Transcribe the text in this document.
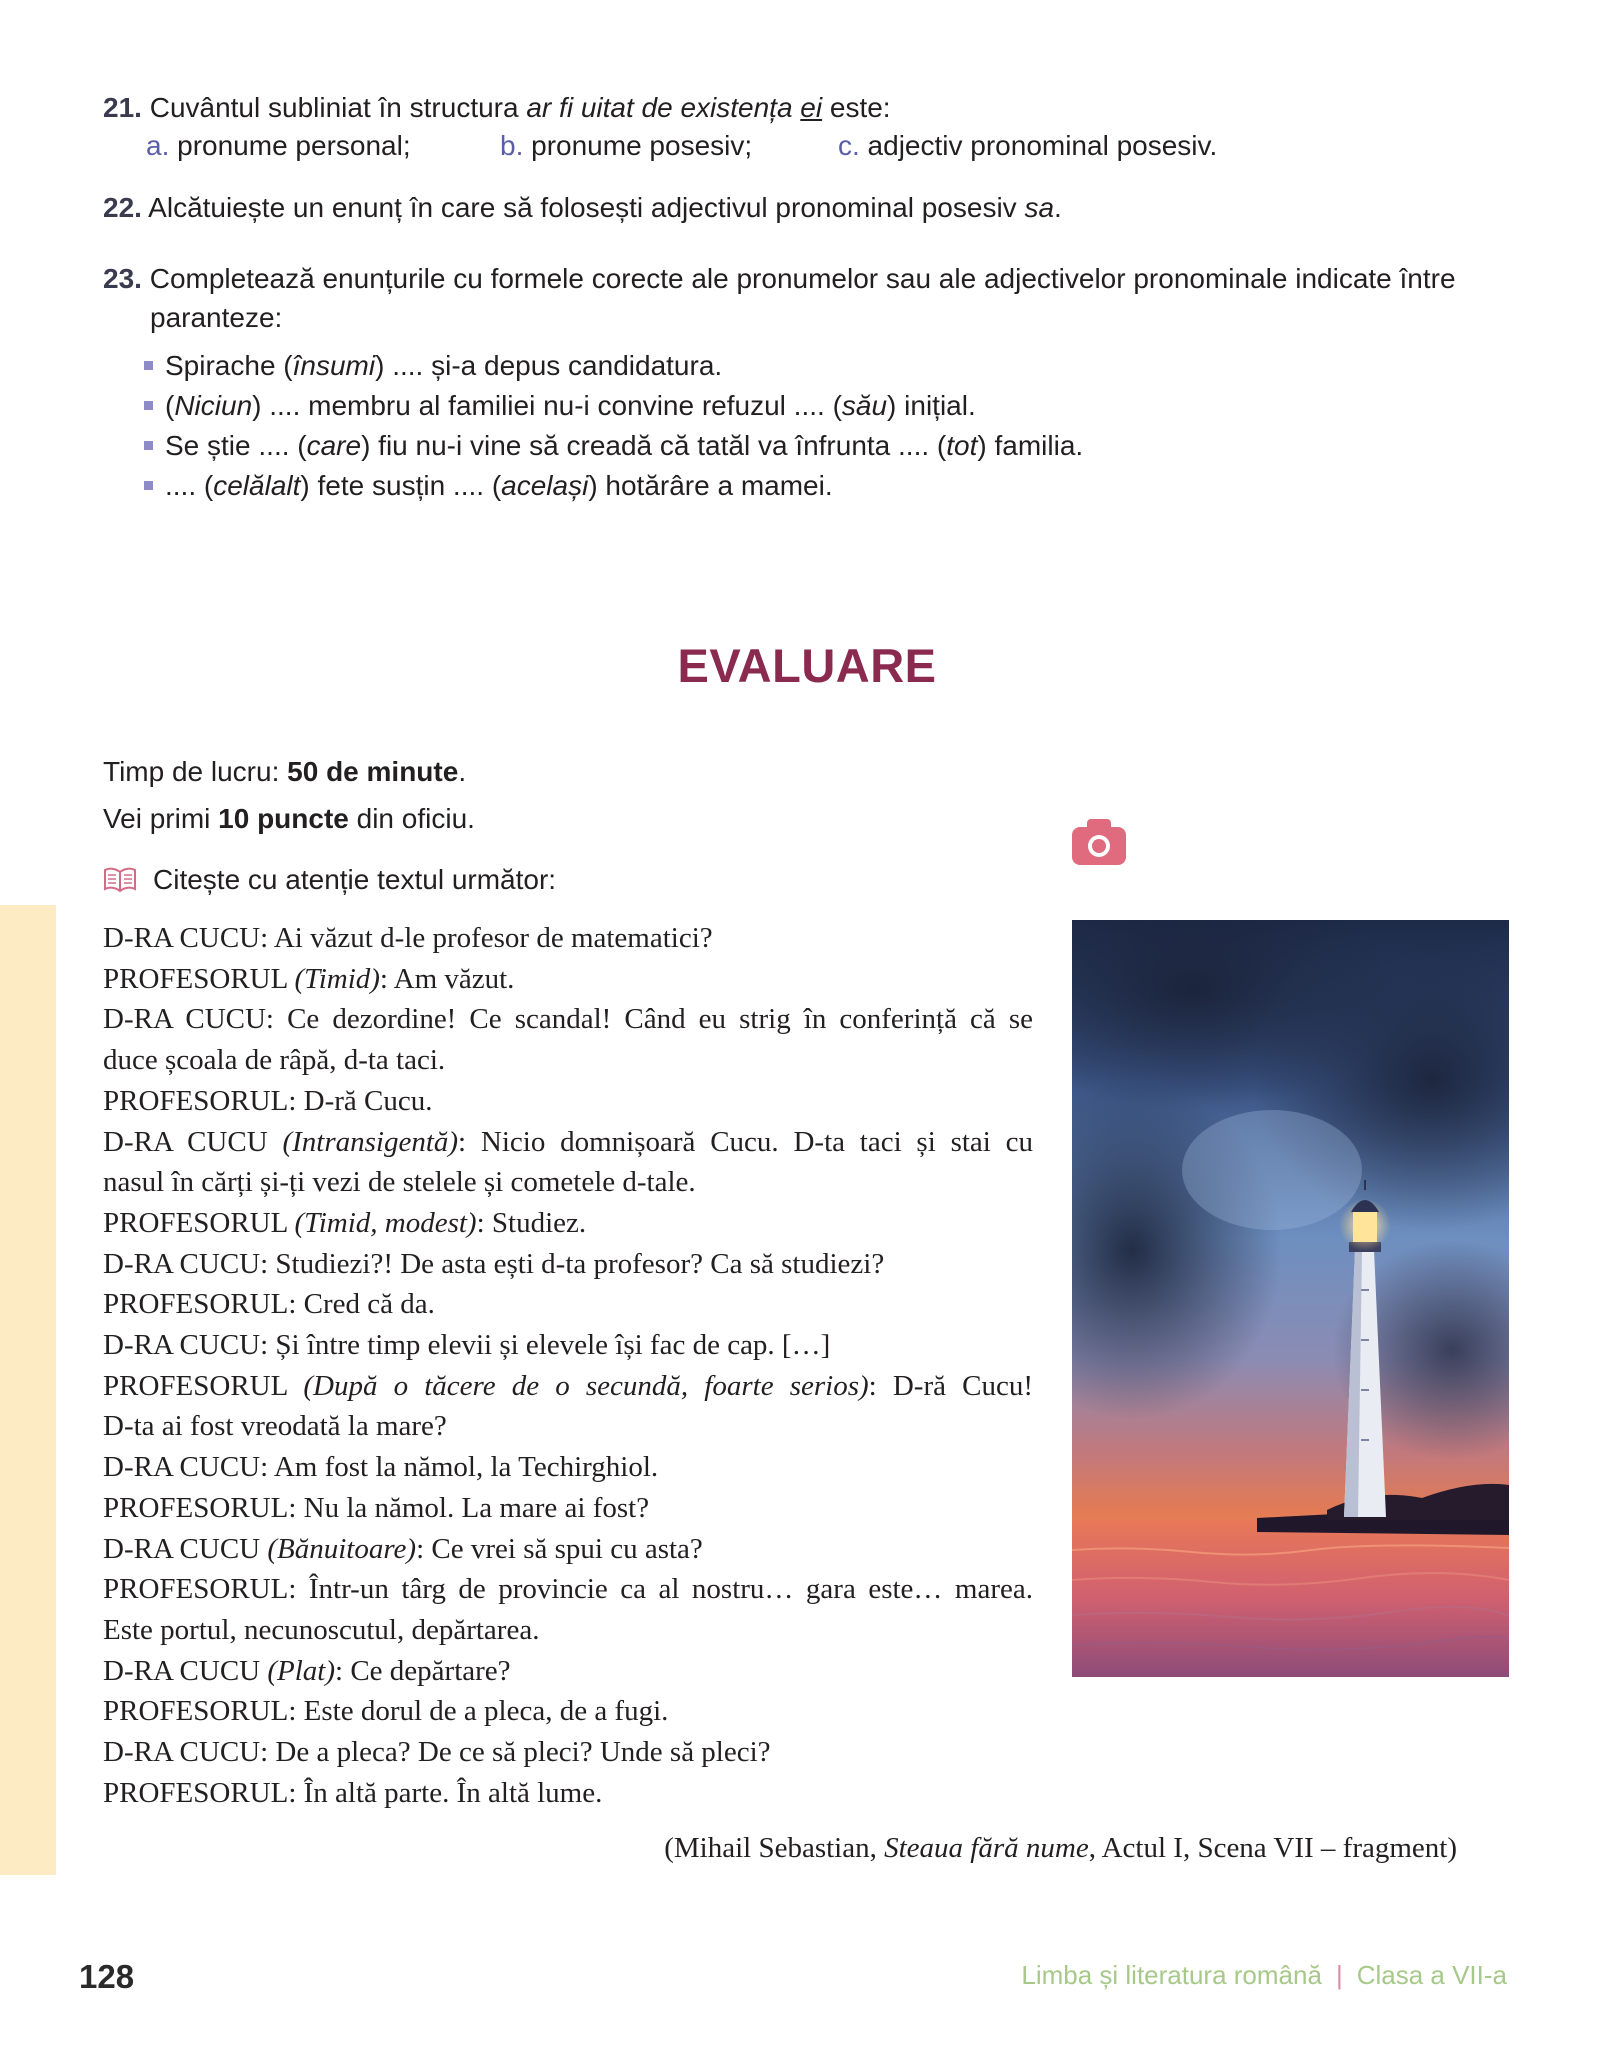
21. Cuvântul subliniat în structura ar fi uitat de existența ei este:
a. pronume personal;	b. pronume posesiv;	c. adjectiv pronominal posesiv.
22. Alcătuiește un enunț în care să folosești adjectivul pronominal posesiv sa.
23. Completează enunțurile cu formele corecte ale pronumelor sau ale adjectivelor pronominale indicate între
paranteze:
Spirache (însumi) .... și-a depus candidatura.
(Niciun) .... membru al familiei nu-i convine refuzul .... (său) inițial.
Se știe .... (care) fiu nu-i vine să creadă că tatăl va înfrunta .... (tot) familia.
.... (celălalt) fete susțin .... (același) hotărâre a mamei.
EVALUARE
Timp de lucru: 50 de minute.
Vei primi 10 puncte din oficiu.
Citește cu atenție textul următor:
D-RA CUCU: Ai văzut d-le profesor de matematici?
PROFESORUL (Timid): Am văzut.
D-RA CUCU: Ce dezordine! Ce scandal! Când eu strig în conferință că se
duce școala de râpă, d-ta taci.
PROFESORUL: D-ră Cucu.
D-RA CUCU (Intransigentă): Nicio domnișoară Cucu. D-ta taci și stai cu
nasul în cărți și-ți vezi de stelele și cometele d-tale.
PROFESORUL (Timid, modest): Studiez.
D-RA CUCU: Studiezi?! De asta ești d-ta profesor? Ca să studiezi?
PROFESORUL: Cred că da.
D-RA CUCU: Și între timp elevii și elevele își fac de cap. […]
PROFESORUL (După o tăcere de o secundă, foarte serios): D-ră Cucu!
D-ta ai fost vreodată la mare?
D-RA CUCU: Am fost la nămol, la Techirghiol.
PROFESORUL: Nu la nămol. La mare ai fost?
D-RA CUCU (Bănuitoare): Ce vrei să spui cu asta?
PROFESORUL: Într-un târg de provincie ca al nostru… gara este… marea.
Este portul, necunoscutul, depărtarea.
D-RA CUCU (Plat): Ce depărtare?
PROFESORUL: Este dorul de a pleca, de a fugi.
D-RA CUCU: De a pleca? De ce să pleci? Unde să pleci?
PROFESORUL: În altă parte. În altă lume.
(Mihail Sebastian, Steaua fără nume, Actul I, Scena VII – fragment)
128	Limba și literatura română | Clasa a VII-a
